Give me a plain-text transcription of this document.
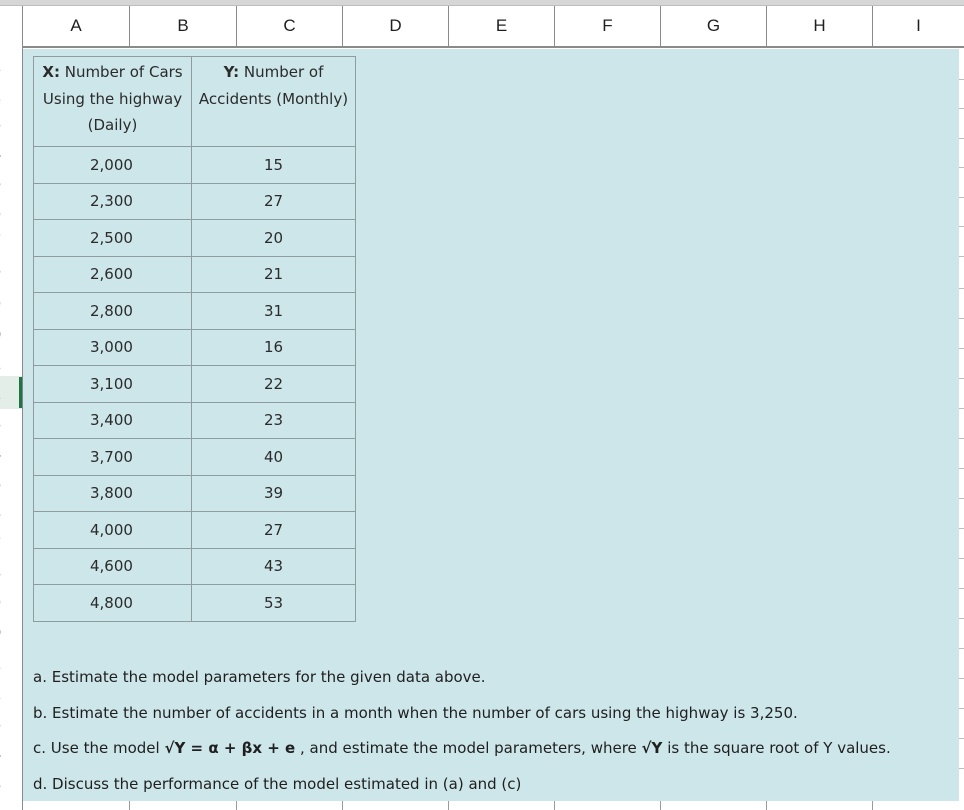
A	B	C	D	E	F	G	H	I
X: Number of Cars Using the highway (Daily)	Y: Number of Accidents (Monthly)
2,000	15
2,300	27
2,500	20
2,600	21
2,800	31
3,000	16
3,100	22
3,400	23
3,700	40
3,800	39
4,000	27
4,600	43
4,800	53
a. Estimate the model parameters for the given data above.
b. Estimate the number of accidents in a month when the number of cars using the highway is 3,250.
c. Use the model √Y = α + βx + e , and estimate the model parameters, where √Y is the square root of Y values.
d. Discuss the performance of the model estimated in (a) and (c)
